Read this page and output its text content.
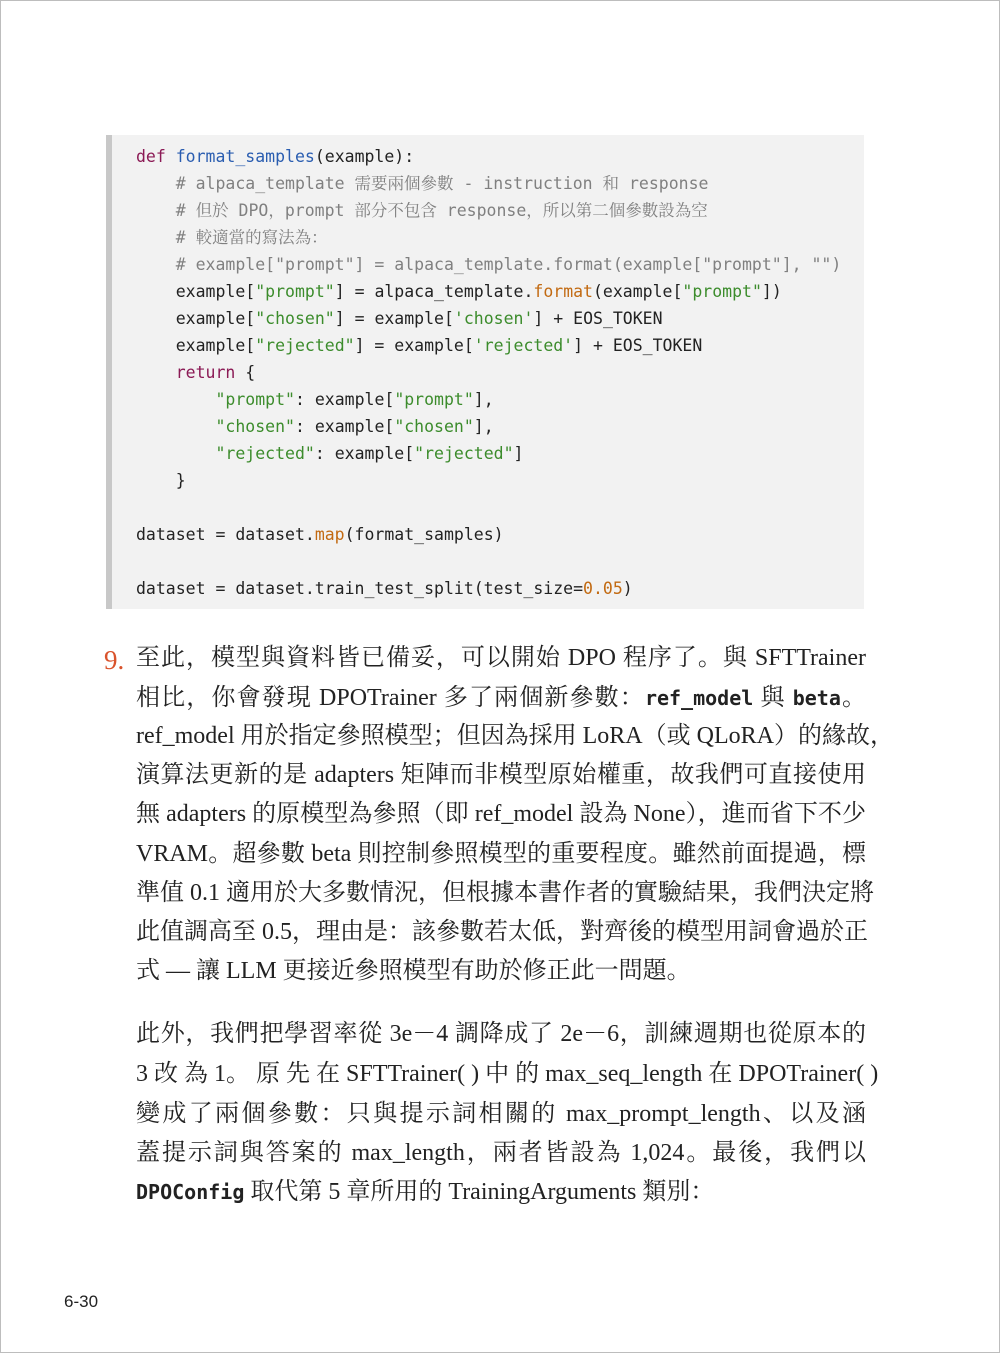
def format_samples(example):
# alpaca_template 需要兩個參數 - instruction 和 response
# 但於 DPO，prompt 部分不包含 response，所以第二個參數設為空
# 較適當的寫法為：
# example["prompt"] = alpaca_template.format(example["prompt"], "")
example["prompt"] = alpaca_template.format(example["prompt"])
example["chosen"] = example['chosen'] + EOS_TOKEN
example["rejected"] = example['rejected'] + EOS_TOKEN
return {
"prompt": example["prompt"],
"chosen": example["chosen"],
"rejected": example["rejected"]
}
dataset = dataset.map(format_samples)
dataset = dataset.train_test_split(test_size=0.05)
9. 至此，模型與資料皆已備妥，可以開始 DPO 程序了。與 SFTTrainer
相比，你會發現 DPOTrainer 多了兩個新參數：ref_model 與 beta。
ref_model 用於指定參照模型；但因為採用 LoRA（或 QLoRA）的緣故，
演算法更新的是 adapters 矩陣而非模型原始權重，故我們可直接使用
無 adapters 的原模型為參照（即 ref_model 設為 None），進而省下不少
VRAM。超參數 beta 則控制參照模型的重要程度。雖然前面提過，標
準值 0.1 適用於大多數情況，但根據本書作者的實驗結果，我們決定將
此值調高至 0.5，理由是：該參數若太低，對齊後的模型用詞會過於正
式 — 讓 LLM 更接近參照模型有助於修正此一問題。
此外，我們把學習率從 3e－4 調降成了 2e－6，訓練週期也從原本的
3 改 為 1。 原 先 在 SFTTrainer( ) 中 的 max_seq_length 在 DPOTrainer( )
變成了兩個參數：只與提示詞相關的 max_prompt_length、以及涵
蓋提示詞與答案的 max_length，兩者皆設為 1,024。最後，我們以
DPOConfig 取代第 5 章所用的 TrainingArguments 類別：
6-30
